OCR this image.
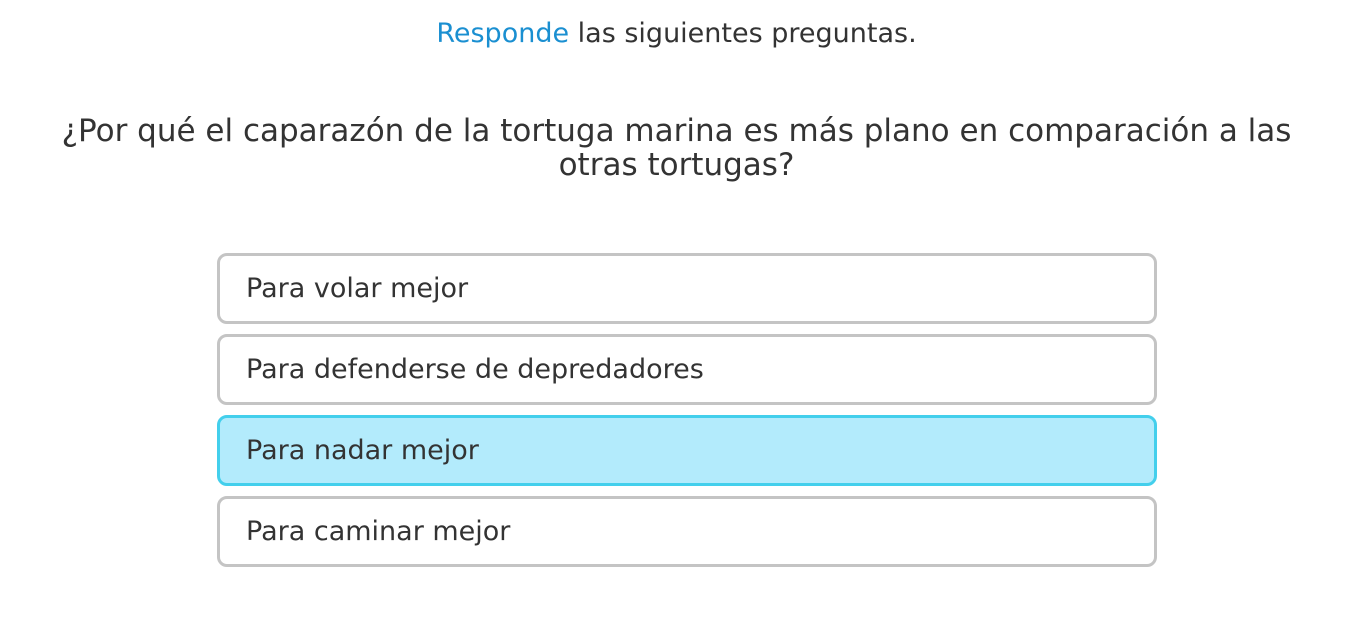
Responde las siguientes preguntas.
¿Por qué el caparazón de la tortuga marina es más plano en comparación a las otras tortugas?
Para volar mejor
Para defenderse de depredadores
Para nadar mejor
Para caminar mejor
